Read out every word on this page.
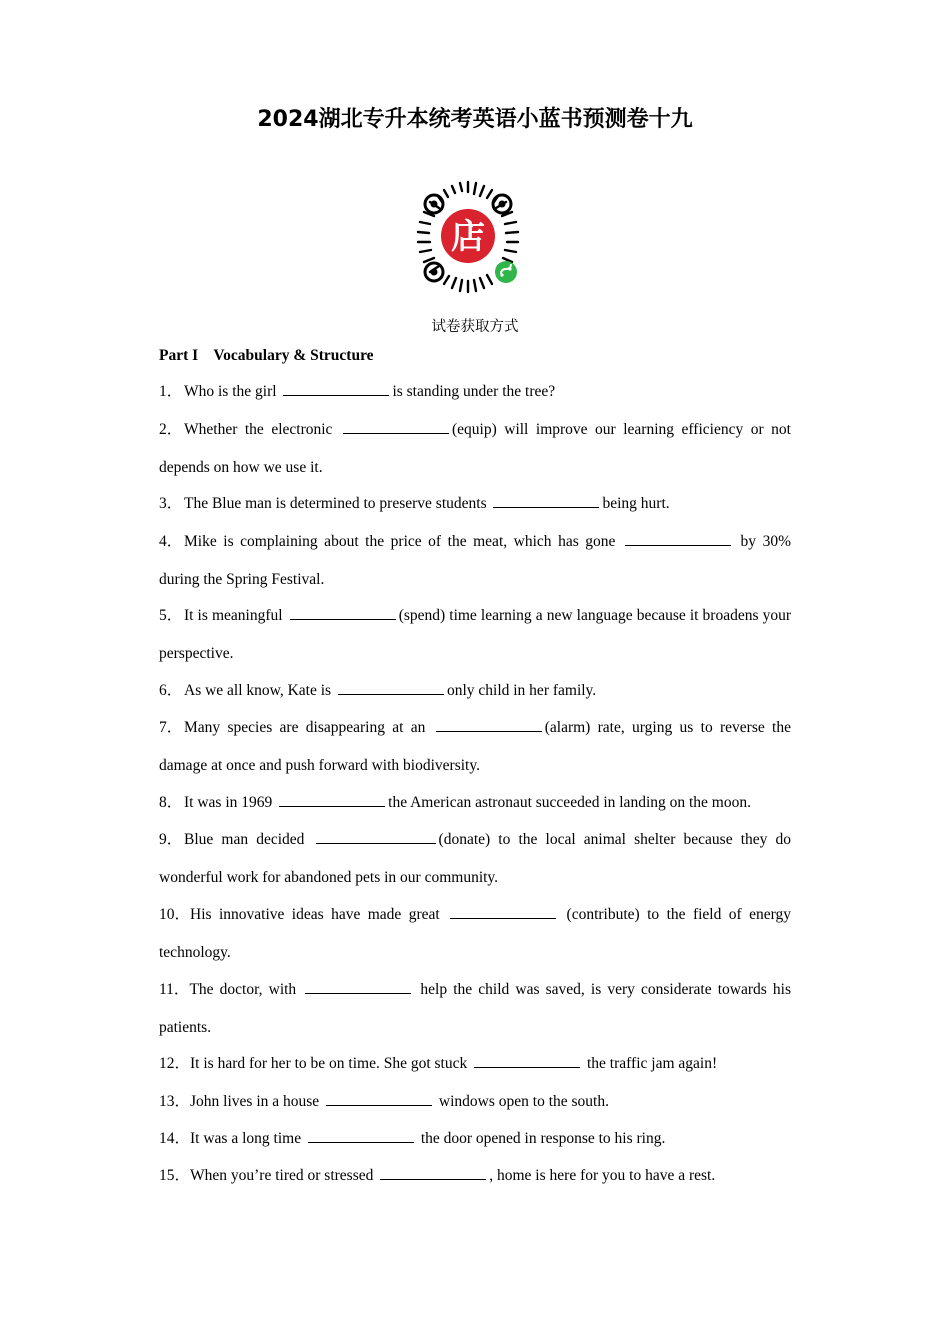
2024湖北专升本统考英语小蓝书预测卷十九
店
试卷获取方式
Part I    Vocabulary & Structure
1． Who is the girl	is standing under the tree?
2． Whether the electronic	(equip) will improve our learning efficiency or not depends on how we use it.
3． The Blue man is determined to preserve students	being hurt.
4． Mike is complaining about the price of the meat, which has gone	by 30% during the Spring Festival.
5． It is meaningful	(spend) time learning a new language because it broadens your perspective.
6． As we all know, Kate is	only child in her family.
7． Many species are disappearing at an	(alarm) rate, urging us to reverse the damage at once and push forward with biodiversity.
8． It was in 1969	the American astronaut succeeded in landing on the moon.
9． Blue man decided	(donate) to the local animal shelter because they do wonderful work for abandoned pets in our community.
10．His innovative ideas have made great	(contribute) to the field of energy technology.
11．The doctor, with	help the child was saved, is very considerate towards his patients.
12．It is hard for her to be on time. She got stuck	the traffic jam again!
13．John lives in a house	windows open to the south.
14．It was a long time	the door opened in response to his ring.
15．When you’re tired or stressed	, home is here for you to have a rest.
